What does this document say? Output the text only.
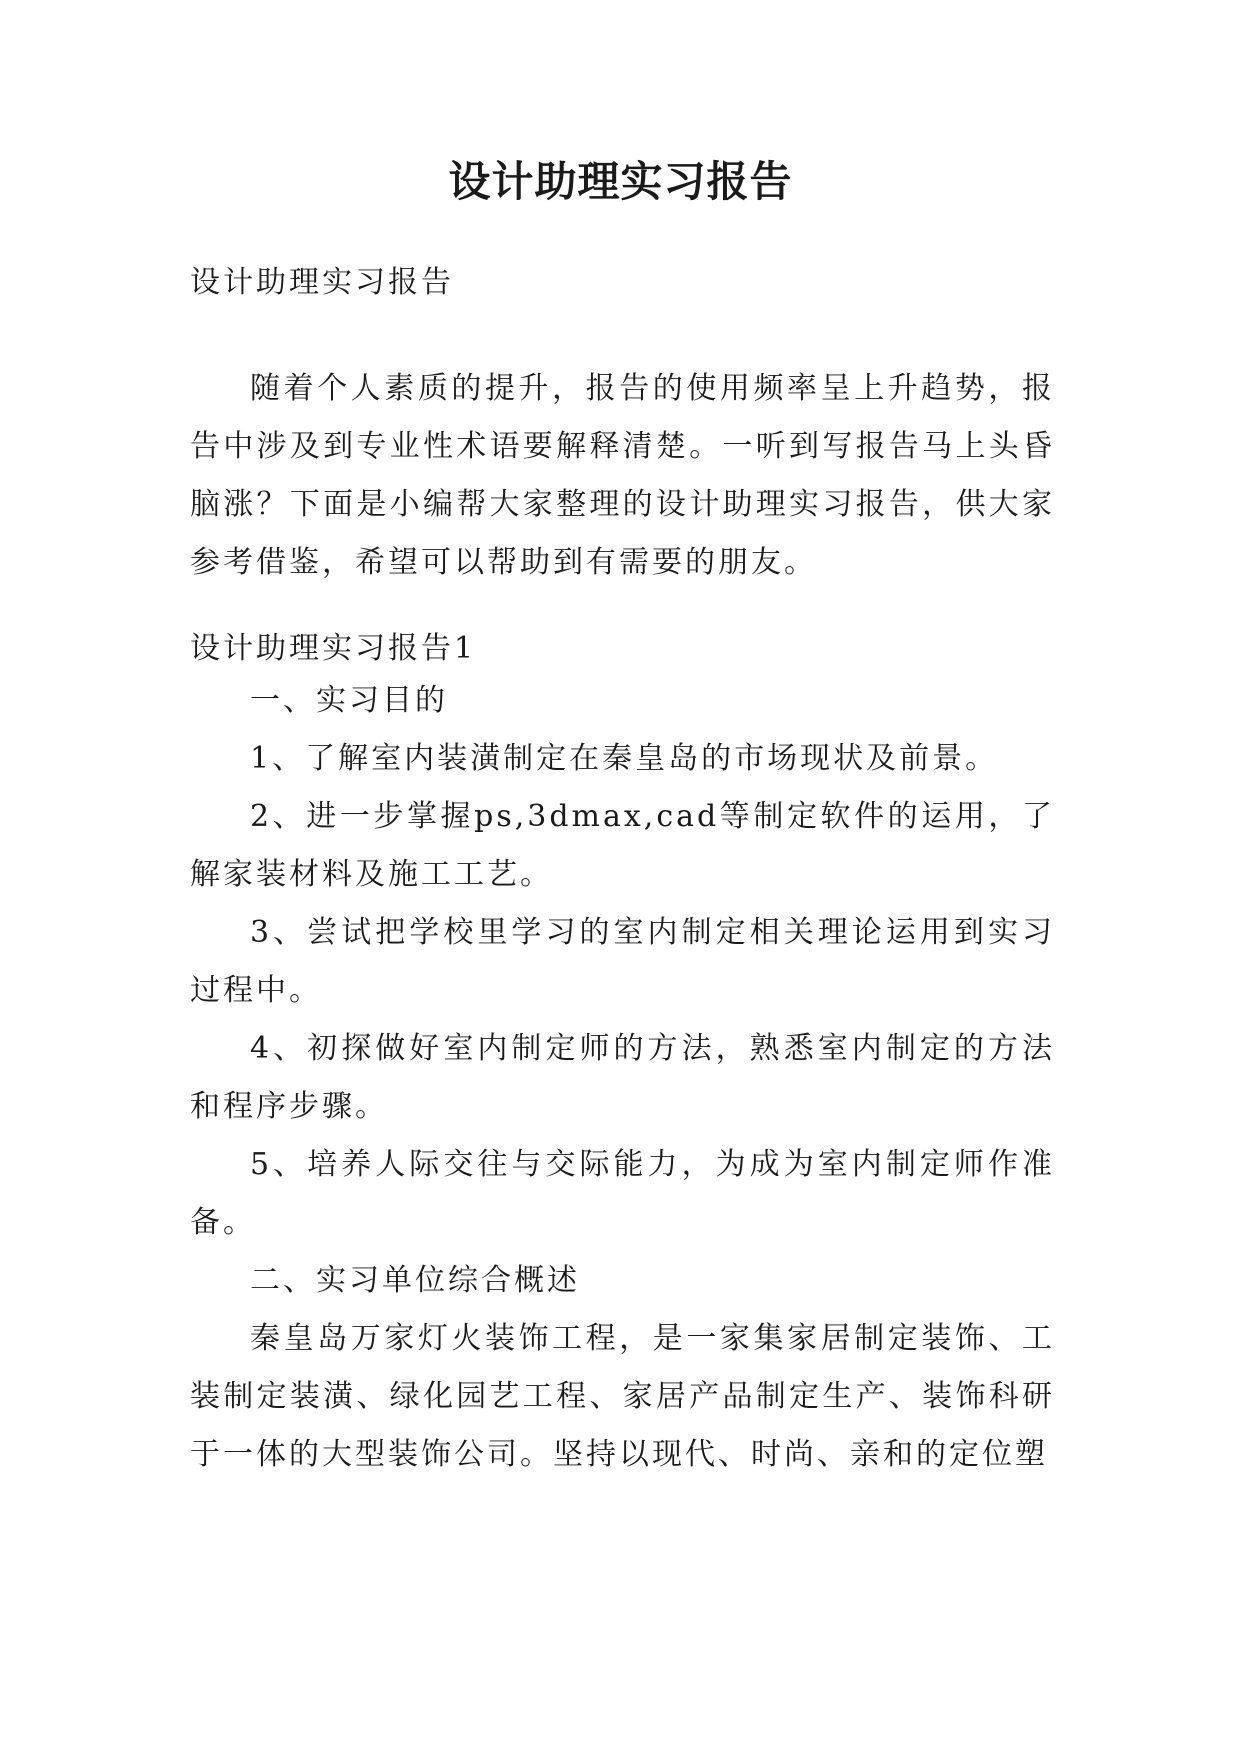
设计助理实习报告
设计助理实习报告

随着个人素质的提升，报告的使用频率呈上升趋势，报告中涉及到专业性术语要解释清楚。一听到写报告马上头昏脑涨？下面是小编帮大家整理的设计助理实习报告，供大家参考借鉴，希望可以帮助到有需要的朋友。

设计助理实习报告1

一、实习目的

1、了解室内装潢制定在秦皇岛的市场现状及前景。

2、进一步掌握ps,3dmax,cad等制定软件的运用，了解家装材料及施工工艺。

3、尝试把学校里学习的室内制定相关理论运用到实习过程中。

4、初探做好室内制定师的方法，熟悉室内制定的方法和程序步骤。

5、培养人际交往与交际能力，为成为室内制定师作准备。

二、实习单位综合概述

秦皇岛万家灯火装饰工程，是一家集家居制定装饰、工装制定装潢、绿化园艺工程、家居产品制定生产、装饰科研于一体的大型装饰公司。坚持以现代、时尚、亲和的定位塑
